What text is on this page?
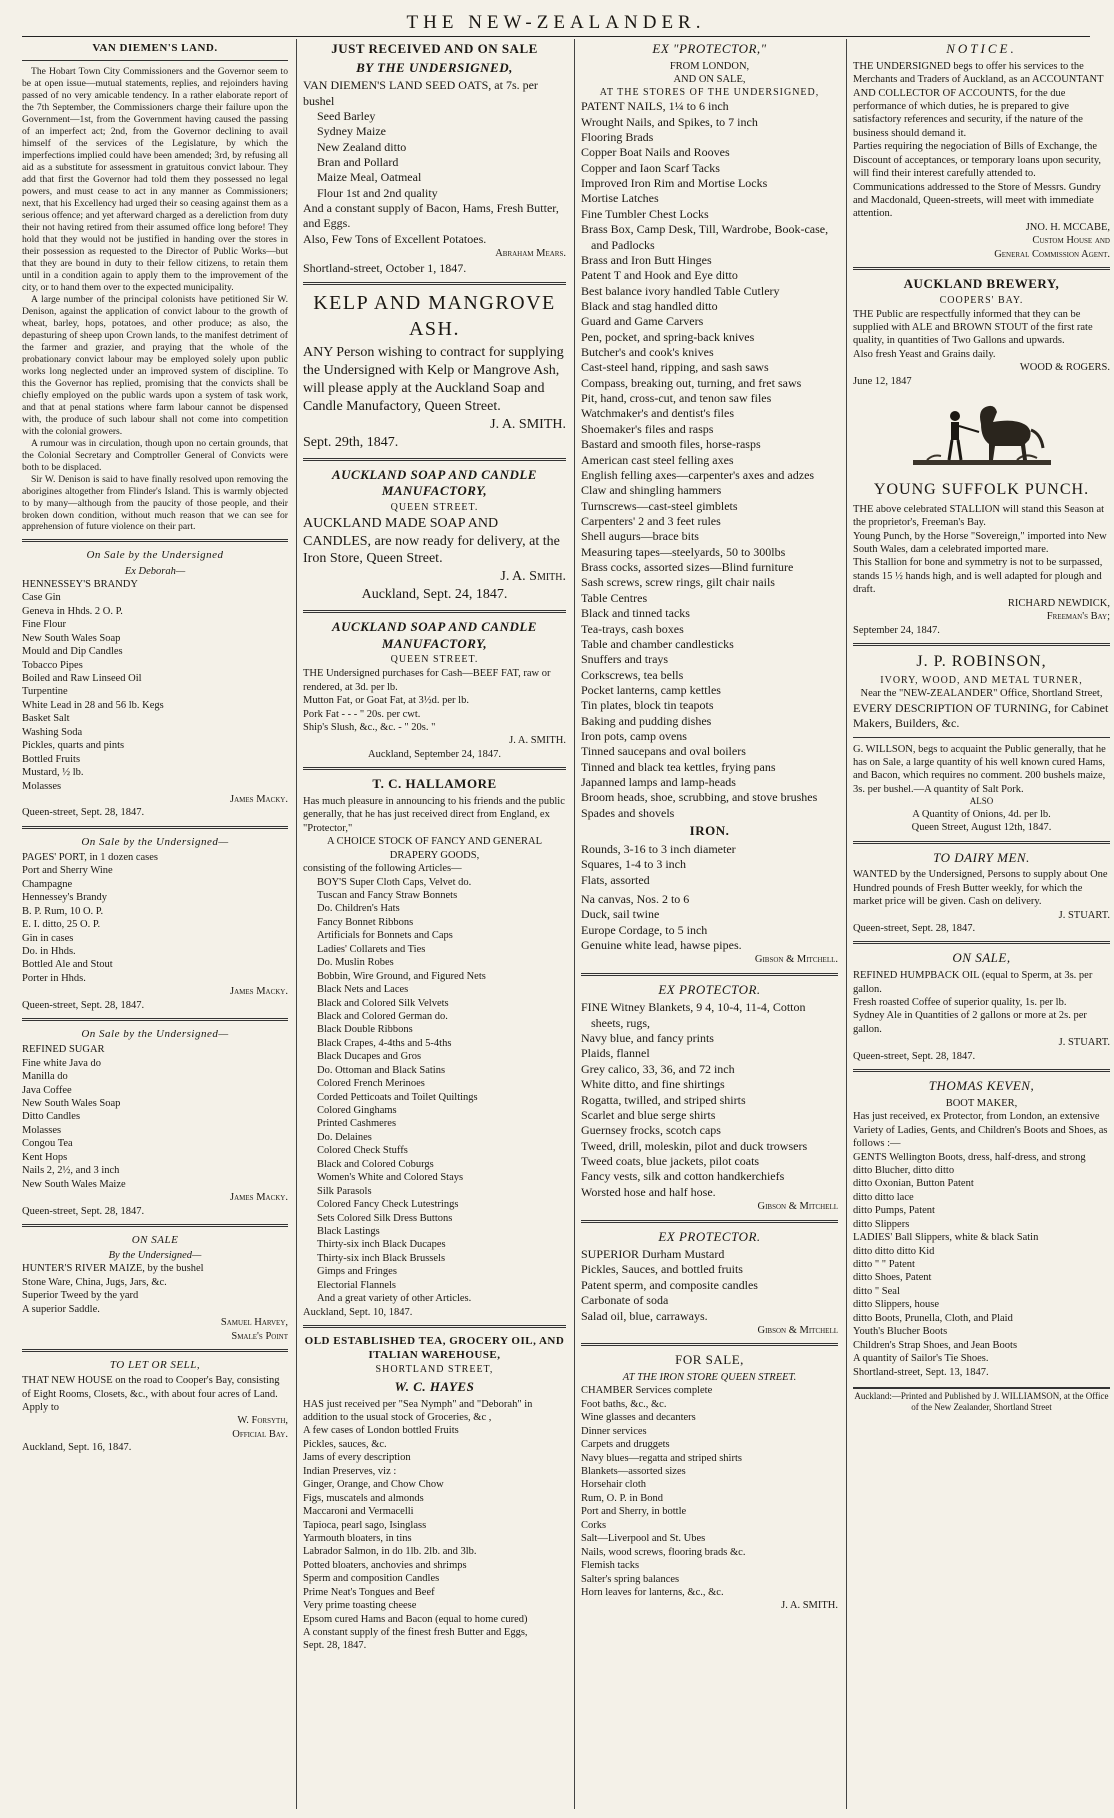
THE NEW-ZEALANDER.
VAN DIEMEN'S LAND.

The Hobart Town City Commissioners and the Governor seem to be at open issue—mutual statements, replies, and rejoinders having passed of no very amicable tendency. In a rather elaborate report of the 7th September, the Commissioners charge their failure upon the Government—1st, from the Government having caused the passing of an imperfect act; 2nd, from the Governor declining to avail himself of the services of the Legislature, by which the imperfections implied could have been amended; 3rd, by refusing all aid as a substitute for assessment in gratuitous convict labour. They add that first the Governor had told them they possessed no legal powers, and must cease to act in any manner as Commissioners; next, that his Excellency had urged their so ceasing against them as a serious offence; and yet afterward charged as a dereliction from duty their not having retired from their assumed office long before! They hold that they would not be justified in handing over the stores in their possession as requested to the Director of Public Works—but that they are bound in duty to their fellow citizens, to retain them until in a condition again to apply them to the improvement of the city, or to hand them over to the expected municipality.

A large number of the principal colonists have petitioned Sir W. Denison, against the application of convict labour to the growth of wheat, barley, hops, potatoes, and other produce; as also, the depasturing of sheep upon Crown lands, to the manifest detriment of the farmer and grazier, and praying that the whole of the probationary convict labour may be employed solely upon public works long neglected under an improved system of discipline. To this the Governor has replied, promising that the convicts shall be chiefly employed on the public wards upon a system of task work, and that at penal stations where farm labour cannot be dispensed with, the produce of such labour shall not come into competition with the colonial growers.

A rumour was in circulation, though upon no certain grounds, that the Colonial Secretary and Comptroller General of Convicts were both to be displaced.

Sir W. Denison is said to have finally resolved upon removing the aborigines altogether from Flinder's Island. This is warmly objected to by many—although from the paucity of those people, and their broken down condition, without much reason that we can see for apprehension of future violence on their part.

On Sale by the Undersigned
Ex Deborah—
HENNESSEY'S BRANDY
Case Gin
Geneva in Hhds. 2 O. P.
Fine Flour
New South Wales Soap
Mould and Dip Candles
Tobacco Pipes
Boiled and Raw Linseed Oil
Turpentine
White Lead in 28 and 56 lb. Kegs
Basket Salt
Washing Soda
Pickles, quarts and pints
Bottled Fruits
Mustard, ½ lb.
Molasses
James Macky.
Queen-street, Sept. 28, 1847.
On Sale by the Undersigned—
PAGES' PORT, in 1 dozen cases
Port and Sherry Wine
Champagne
Hennessey's Brandy
B. P. Rum, 10 O. P.
E. I. ditto, 25 O. P.
Gin in cases
Do. in Hhds.
Bottled Ale and Stout
Porter in Hhds.
James Macky.
Queen-street, Sept. 28, 1847.
On Sale by the Undersigned—
REFINED SUGAR
Fine white Java do
Manilla do
Java Coffee
New South Wales Soap
Ditto Candles
Molasses
Congou Tea
Kent Hops
Nails 2, 2½, and 3 inch
New South Wales Maize
James Macky.
Queen-street, Sept. 28, 1847.
ON SALE
By the Undersigned—
HUNTER'S RIVER MAIZE, by the bushel
Stone Ware, China, Jugs, Jars, &c.
Superior Tweed by the yard
A superior Saddle.
Samuel Harvey,
Smale's Point
TO LET OR SELL,

THAT NEW HOUSE on the road to Cooper's Bay, consisting of Eight Rooms, Closets, &c., with about four acres of Land. Apply to

W. Forsyth,
Official Bay.
Auckland, Sept. 16, 1847.
JUST RECEIVED AND ON SALE
BY THE UNDERSIGNED,

VAN DIEMEN'S LAND SEED OATS, at 7s. per bushel

Seed Barley
Sydney Maize
New Zealand ditto
Bran and Pollard
Maize Meal, Oatmeal
Flour 1st and 2nd quality

And a constant supply of Bacon, Hams, Fresh Butter, and Eggs.

Also, Few Tons of Excellent Potatoes.

Abraham Mears.
Shortland-street, October 1, 1847.
KELP AND MANGROVE ASH.

ANY Person wishing to contract for supplying the Undersigned with Kelp or Mangrove Ash, will please apply at the Auckland Soap and Candle Manufactory, Queen Street.

J. A. SMITH.
Sept. 29th, 1847.
AUCKLAND SOAP AND CANDLE MANUFACTORY,
QUEEN STREET.

AUCKLAND MADE SOAP AND CANDLES, are now ready for delivery, at the Iron Store, Queen Street.

J. A. Smith.
Auckland, Sept. 24, 1847.
AUCKLAND SOAP AND CANDLE MANUFACTORY,
QUEEN STREET.

THE Undersigned purchases for Cash—BEEF FAT, raw or rendered, at 3d. per lb.

Mutton Fat, or Goat Fat, at 3½d. per lb.
Pork Fat - - - " 20s. per cwt.
Ship's Slush, &c., &c. - " 20s. "
J. A. SMITH.
Auckland, September 24, 1847.
T. C. HALLAMORE

Has much pleasure in announcing to his friends and the public generally, that he has just received direct from England, ex "Protector,"

A CHOICE STOCK OF FANCY AND GENERAL DRAPERY GOODS,
consisting of the following Articles—
BOY'S Super Cloth Caps, Velvet do.
Tuscan and Fancy Straw Bonnets
Do. Children's Hats
Fancy Bonnet Ribbons
Artificials for Bonnets and Caps
Ladies' Collarets and Ties
Do. Muslin Robes
Bobbin, Wire Ground, and Figured Nets
Black Nets and Laces
Black and Colored Silk Velvets
Black and Colored German do.
Black Double Ribbons
Black Crapes, 4-4ths and 5-4ths
Black Ducapes and Gros
Do. Ottoman and Black Satins
Colored French Merinoes
Corded Petticoats and Toilet Quiltings
Colored Ginghams
Printed Cashmeres
Do. Delaines
Colored Check Stuffs
Black and Colored Coburgs
Women's White and Colored Stays
Silk Parasols
Colored Fancy Check Lutestrings
Sets Colored Silk Dress Buttons
Black Lastings
Thirty-six inch Black Ducapes
Thirty-six inch Black Brussels
Gimps and Fringes
Electorial Flannels
And a great variety of other Articles.
Auckland, Sept. 10, 1847.
OLD ESTABLISHED TEA, GROCERY OIL, AND ITALIAN WAREHOUSE,
SHORTLAND STREET,
W. C. HAYES

HAS just received per "Sea Nymph" and "Deborah" in addition to the usual stock of Groceries, &c ,

A few cases of London bottled Fruits
Pickles, sauces, &c.
Jams of every description
Indian Preserves, viz :
Ginger, Orange, and Chow Chow
Figs, muscatels and almonds
Maccaroni and Vermacelli
Tapioca, pearl sago, Isinglass
Yarmouth bloaters, in tins
Labrador Salmon, in do 1lb. 2lb. and 3lb.
Potted bloaters, anchovies and shrimps
Sperm and composition Candles
Prime Neat's Tongues and Beef
Very prime toasting cheese
Epsom cured Hams and Bacon (equal to home cured)
A constant supply of the finest fresh Butter and Eggs,
Sept. 28, 1847.
EX "PROTECTOR,"
FROM LONDON,
AND ON SALE,
AT THE STORES OF THE UNDERSIGNED,
PATENT NAILS, 1¼ to 6 inch
Wrought Nails, and Spikes, to 7 inch
Flooring Brads
Copper Boat Nails and Rooves
Copper and Iaon Scarf Tacks
Improved Iron Rim and Mortise Locks
Mortise Latches
Fine Tumbler Chest Locks
Brass Box, Camp Desk, Till, Wardrobe, Book-case, and Padlocks
Brass and Iron Butt Hinges
Patent T and Hook and Eye ditto
Best balance ivory handled Table Cutlery
Black and stag handled ditto
Guard and Game Carvers
Pen, pocket, and spring-back knives
Butcher's and cook's knives
Cast-steel hand, ripping, and sash saws
Compass, breaking out, turning, and fret saws
Pit, hand, cross-cut, and tenon saw files
Watchmaker's and dentist's files
Shoemaker's files and rasps
Bastard and smooth files, horse-rasps
American cast steel felling axes
English felling axes—carpenter's axes and adzes
Claw and shingling hammers
Turnscrews—cast-steel gimblets
Carpenters' 2 and 3 feet rules
Shell augurs—brace bits
Measuring tapes—steelyards, 50 to 300lbs
Brass cocks, assorted sizes—Blind furniture
Sash screws, screw rings, gilt chair nails
Table Centres
Black and tinned tacks
Tea-trays, cash boxes
Table and chamber candlesticks
Snuffers and trays
Corkscrews, tea bells
Pocket lanterns, camp kettles
Tin plates, block tin teapots
Baking and pudding dishes
Iron pots, camp ovens
Tinned saucepans and oval boilers
Tinned and black tea kettles, frying pans
Japanned lamps and lamp-heads
Broom heads, shoe, scrubbing, and stove brushes
Spades and shovels
IRON.
Rounds, 3-16 to 3 inch diameter
Squares, 1-4 to 3 inch
Flats, assorted
Na canvas, Nos. 2 to 6
Duck, sail twine
Europe Cordage, to 5 inch
Genuine white lead, hawse pipes.
Gibson & Mitchell.
EX PROTECTOR.
FINE Witney Blankets, 9 4, 10-4, 11-4, Cotton sheets, rugs,
Navy blue, and fancy prints
Plaids, flannel
Grey calico, 33, 36, and 72 inch
White ditto, and fine shirtings
Rogatta, twilled, and striped shirts
Scarlet and blue serge shirts
Guernsey frocks, scotch caps
Tweed, drill, moleskin, pilot and duck trowsers
Tweed coats, blue jackets, pilot coats
Fancy vests, silk and cotton handkerchiefs
Worsted hose and half hose.
Gibson & Mitchell
EX PROTECTOR.
SUPERIOR Durham Mustard
Pickles, Sauces, and bottled fruits
Patent sperm, and composite candles
Carbonate of soda
Salad oil, blue, carraways.
Gibson & Mitchell
FOR SALE,
AT THE IRON STORE QUEEN STREET.
CHAMBER Services complete
Foot baths, &c., &c.
Wine glasses and decanters
Dinner services
Carpets and druggets
Navy blues—regatta and striped shirts
Blankets—assorted sizes
Horsehair cloth
Rum, O. P. in Bond
Port and Sherry, in bottle
Corks
Salt—Liverpool and St. Ubes
Nails, wood screws, flooring brads &c.
Flemish tacks
Salter's spring balances
Horn leaves for lanterns, &c., &c.
J. A. SMITH.
NOTICE.

THE UNDERSIGNED begs to offer his services to the Merchants and Traders of Auckland, as an ACCOUNTANT AND COLLECTOR OF ACCOUNTS, for the due performance of which duties, he is prepared to give satisfactory references and security, if the nature of the business should demand it.

Parties requiring the negociation of Bills of Exchange, the Discount of acceptances, or temporary loans upon security, will find their interest carefully attended to.

Communications addressed to the Store of Messrs. Gundry and Macdonald, Queen-streets, will meet with immediate attention.

JNO. H. MCCABE,
Custom House and
General Commission Agent.
AUCKLAND BREWERY,
COOPERS' BAY.

THE Public are respectfully informed that they can be supplied with ALE and BROWN STOUT of the first rate quality, in quantities of Two Gallons and upwards.

Also fresh Yeast and Grains daily.

WOOD & ROGERS.
June 12, 1847
YOUNG SUFFOLK PUNCH.

THE above celebrated STALLION will stand this Season at the proprietor's, Freeman's Bay.

Young Punch, by the Horse "Sovereign," imported into New South Wales, dam a celebrated imported mare.

This Stallion for bone and symmetry is not to be surpassed, stands 15 ½ hands high, and is well adapted for plough and draft.

RICHARD NEWDICK,
Freeman's Bay;
September 24, 1847.
J. P. ROBINSON,
IVORY, WOOD, AND METAL TURNER,
Near the "NEW-ZEALANDER" Office, Shortland Street,

EVERY DESCRIPTION OF TURNING, for Cabinet Makers, Builders, &c.

G. WILLSON, begs to acquaint the Public generally, that he has on Sale, a large quantity of his well known cured Hams, and Bacon, which requires no comment. 200 bushels maize, 3s. per bushel.—A quantity of Salt Pork.

ALSO
A Quantity of Onions, 4d. per lb.
Queen Street, August 12th, 1847.
TO DAIRY MEN.

WANTED by the Undersigned, Persons to supply about One Hundred pounds of Fresh Butter weekly, for which the market price will be given. Cash on delivery.

J. STUART.
Queen-street, Sept. 28, 1847.
ON SALE,

REFINED HUMPBACK OIL (equal to Sperm, at 3s. per gallon.

Fresh roasted Coffee of superior quality, 1s. per lb.

Sydney Ale in Quantities of 2 gallons or more at 2s. per gallon.

J. STUART.
Queen-street, Sept. 28, 1847.
THOMAS KEVEN,
BOOT MAKER,

Has just received, ex Protector, from London, an extensive Variety of Ladies, Gents, and Children's Boots and Shoes, as follows :—

GENTS Wellington Boots, dress, half-dress, and strong
ditto Blucher, ditto ditto
ditto Oxonian, Button Patent
ditto ditto lace
ditto Pumps, Patent
ditto Slippers
LADIES' Ball Slippers, white & black Satin
ditto ditto ditto Kid
ditto " " Patent
ditto Shoes, Patent
ditto " Seal
ditto Slippers, house
ditto Boots, Prunella, Cloth, and Plaid
Youth's Blucher Boots
Children's Strap Shoes, and Jean Boots
A quantity of Sailor's Tie Shoes.
Shortland-street, Sept. 13, 1847.
Auckland:—Printed and Published by J. WILLIAMSON, at the Office of the New Zealander, Shortland Street
